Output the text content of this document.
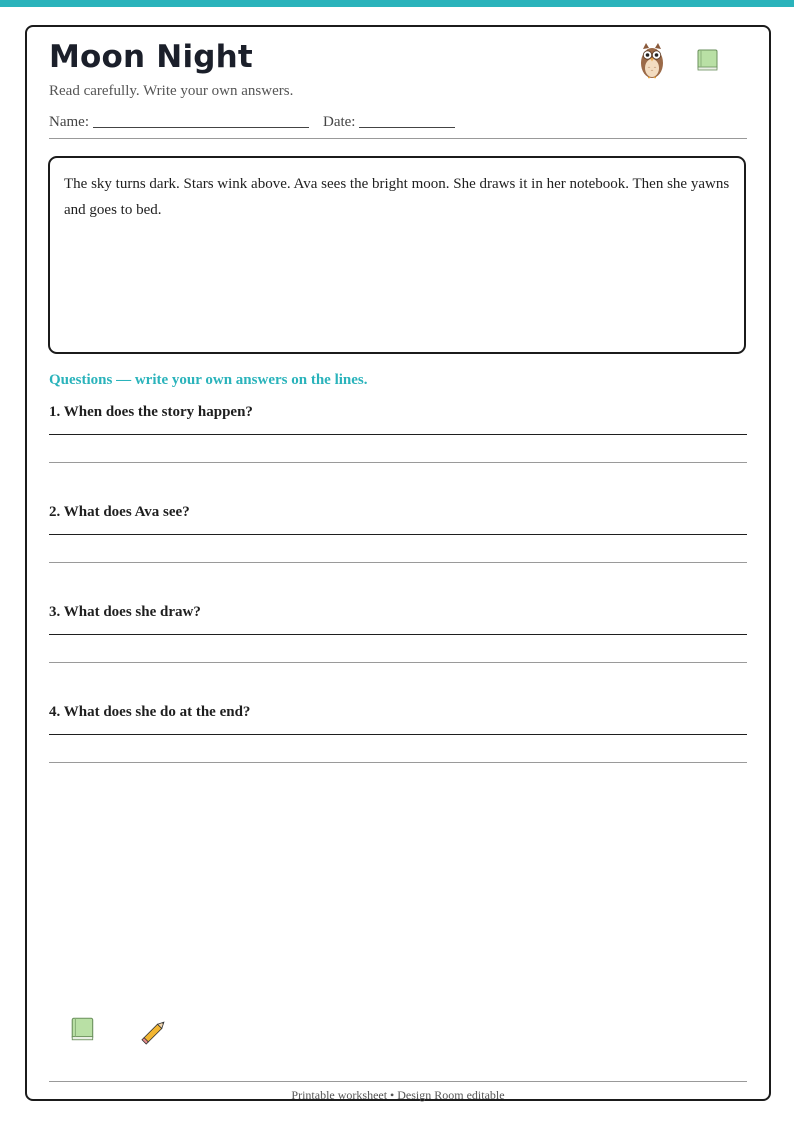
Moon Night
Read carefully. Write your own answers.
Name:	Date:

The sky turns dark. Stars wink above. Ava sees the bright moon. She draws it in her notebook. Then she yawns and goes to bed.

Questions — write your own answers on the lines.
1. When does the story happen?
2. What does Ava see?
3. What does she draw?
4. What does she do at the end?
Printable worksheet • Design Room editable
